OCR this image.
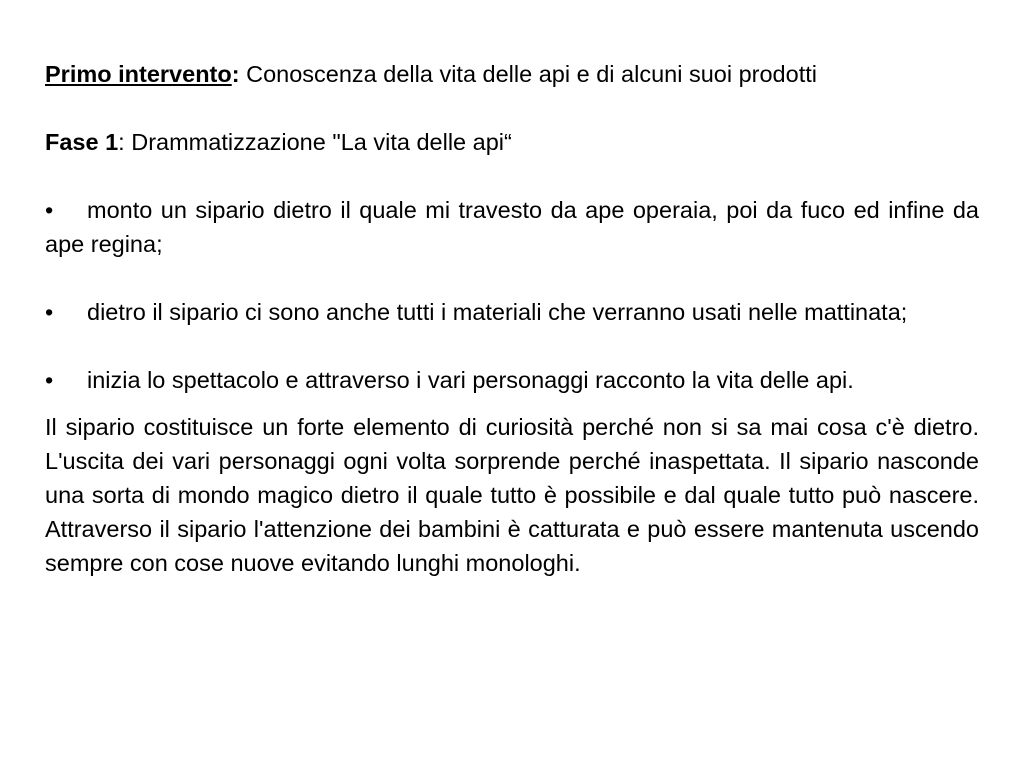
Primo intervento: Conoscenza della vita delle api e di alcuni suoi prodotti

Fase 1: Drammatizzazione "La vita delle api“

• monto un sipario dietro il quale mi travesto da ape operaia, poi da fuco ed infine da ape regina;

• dietro il sipario ci sono anche tutti i materiali che verranno usati nelle mattinata;

• inizia lo spettacolo e attraverso i vari personaggi racconto la vita delle api.

Il sipario costituisce un forte elemento di curiosità perché non si sa mai cosa c'è dietro. L'uscita dei vari personaggi ogni volta sorprende perché inaspettata. Il sipario nasconde una sorta di mondo magico dietro il quale tutto è possibile e dal quale tutto può nascere. Attraverso il sipario l'attenzione dei bambini è catturata e può essere mantenuta uscendo sempre con cose nuove evitando lunghi monologhi.
